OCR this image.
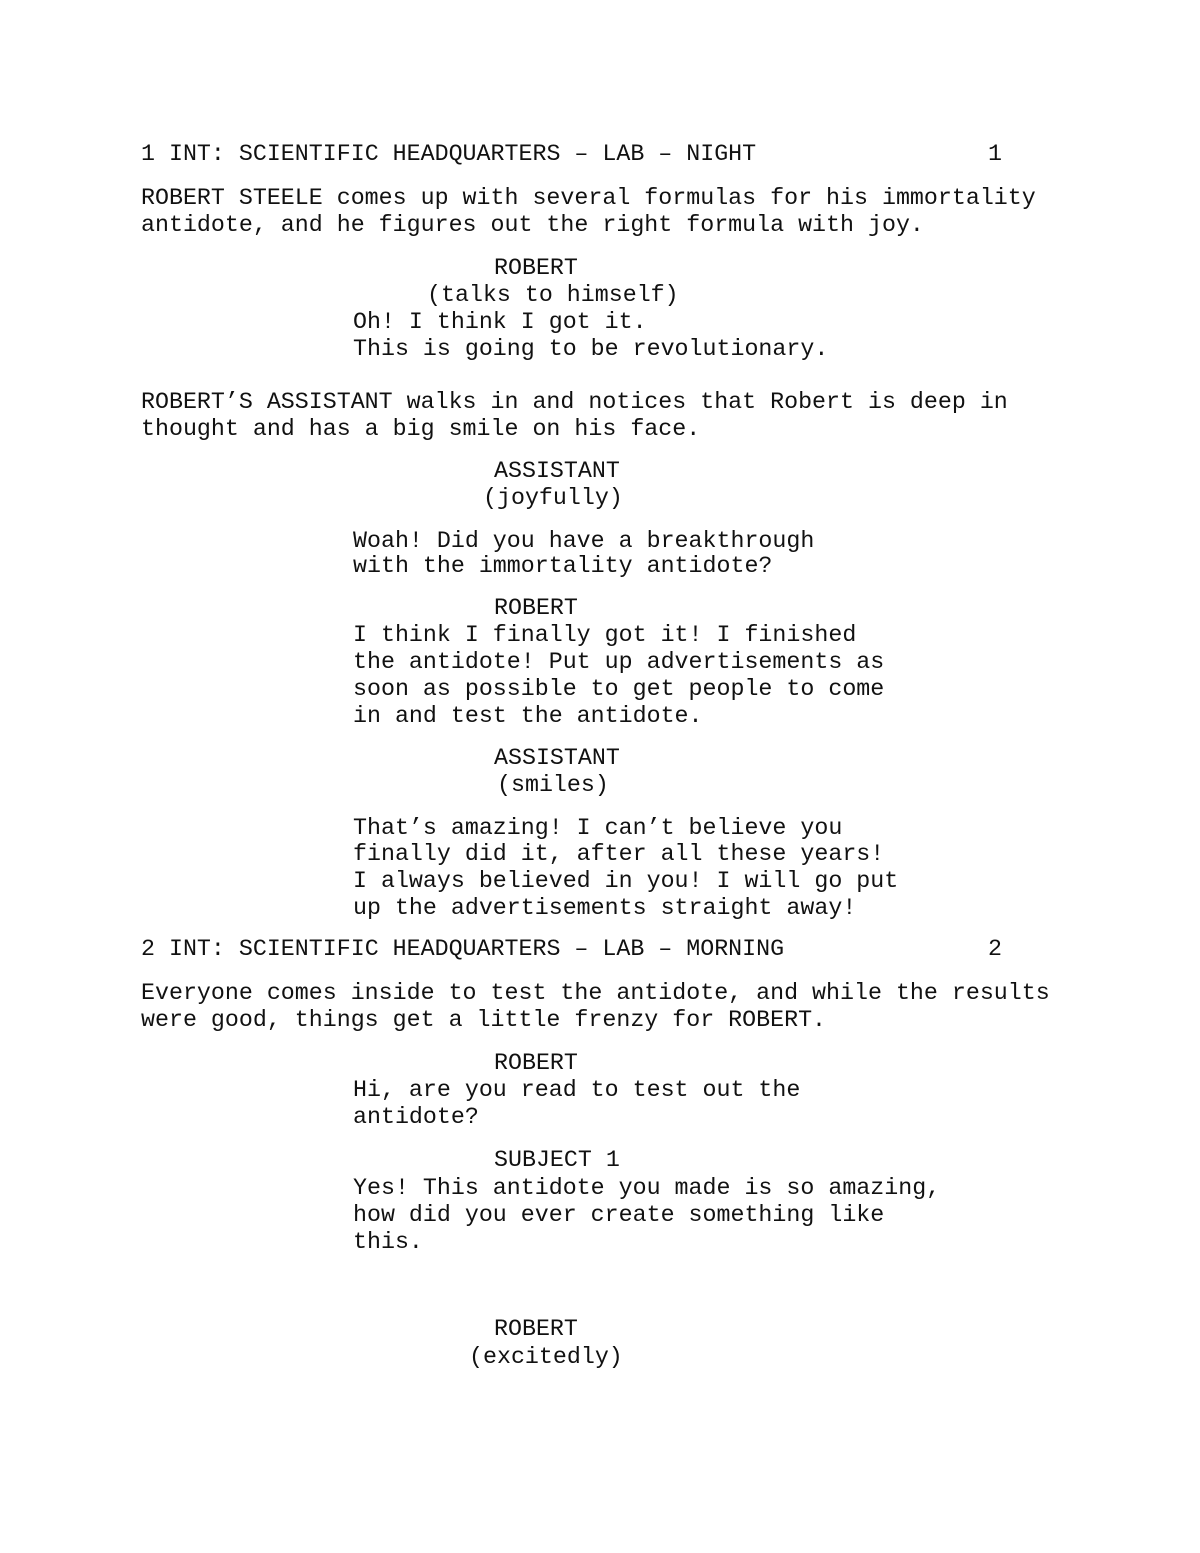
1 INT: SCIENTIFIC HEADQUARTERS – LAB – NIGHT	1
ROBERT STEELE comes up with several formulas for his immortality
antidote, and he figures out the right formula with joy.
ROBERT
(talks to himself)
Oh! I think I got it.
This is going to be revolutionary.
ROBERT’S ASSISTANT walks in and notices that Robert is deep in
thought and has a big smile on his face.
ASSISTANT
(joyfully)
Woah! Did you have a breakthrough
with the immortality antidote?
ROBERT
I think I finally got it! I finished
the antidote! Put up advertisements as
soon as possible to get people to come
in and test the antidote.
ASSISTANT
(smiles)
That’s amazing! I can’t believe you
finally did it, after all these years!
I always believed in you! I will go put
up the advertisements straight away!
2 INT: SCIENTIFIC HEADQUARTERS – LAB – MORNING	2
Everyone comes inside to test the antidote, and while the results
were good, things get a little frenzy for ROBERT.
ROBERT
Hi, are you read to test out the
antidote?
SUBJECT 1
Yes! This antidote you made is so amazing,
how did you ever create something like
this.
ROBERT
(excitedly)
